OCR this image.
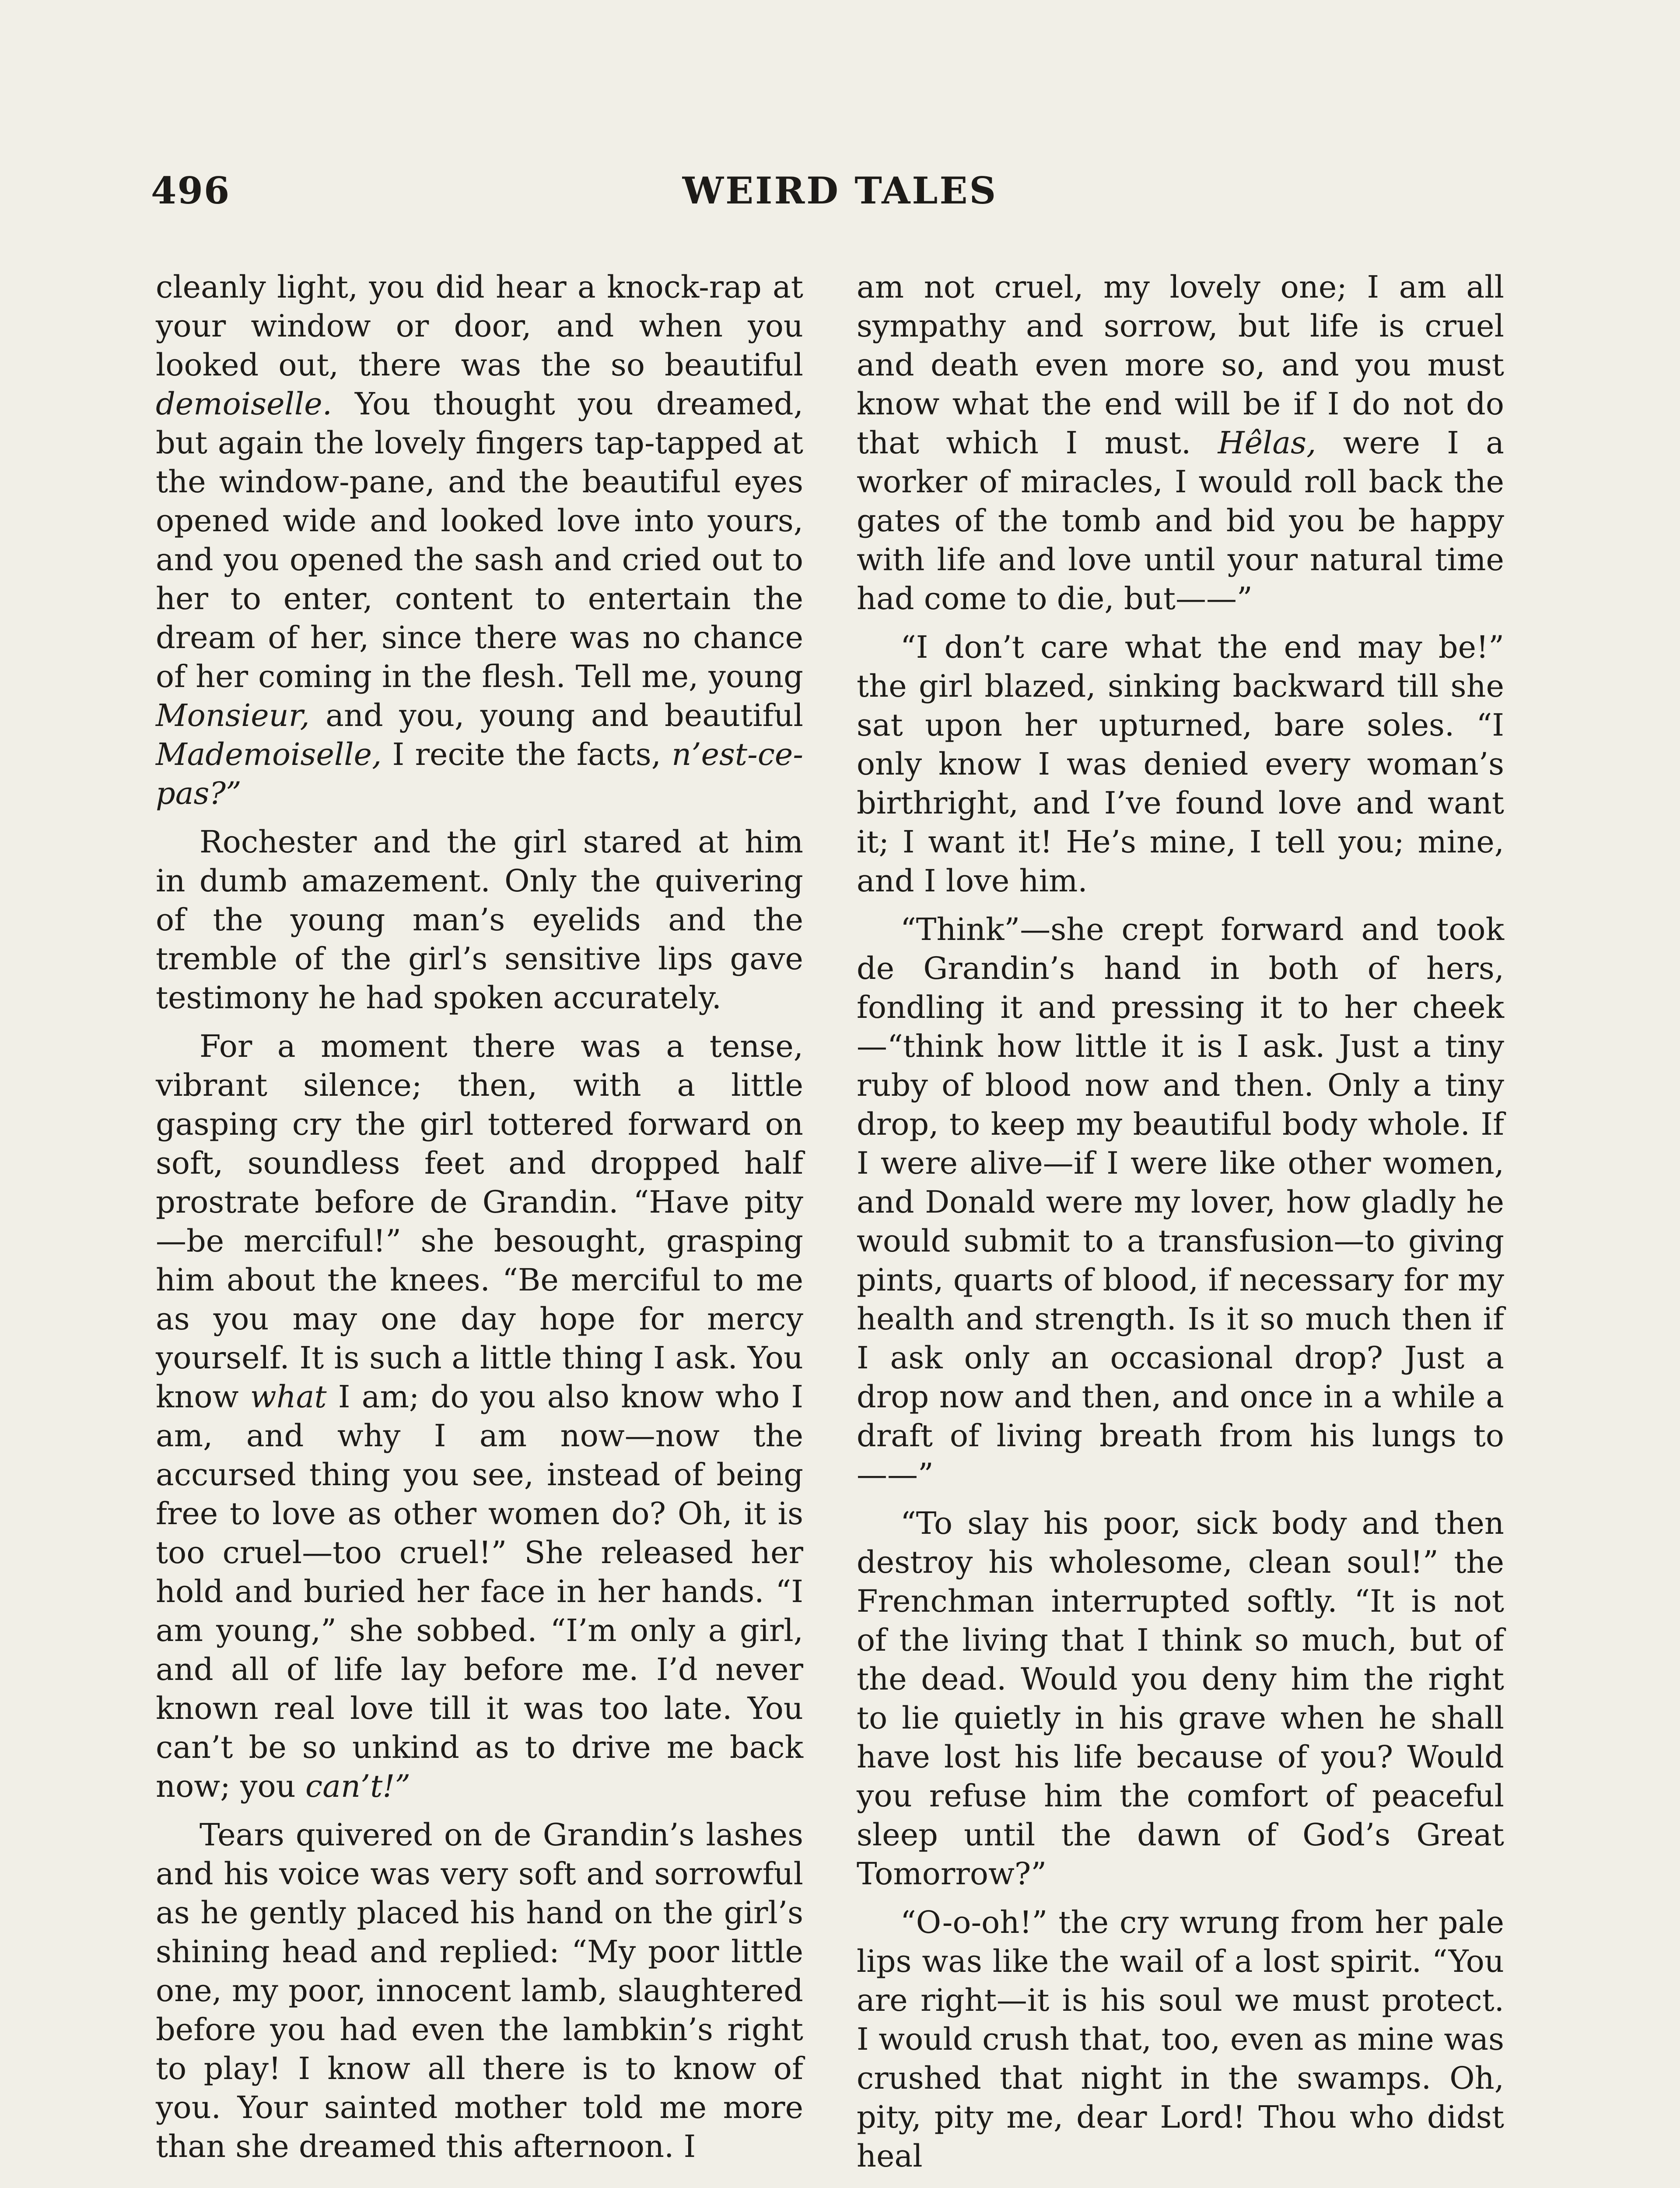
496	WEIRD TALES

cleanly light, you did hear a knock-rap at your window or door, and when you looked out, there was the so beautiful demoiselle. You thought you dreamed, but again the lovely fingers tap-tapped at the window-pane, and the beautiful eyes opened wide and looked love into yours, and you opened the sash and cried out to her to enter, content to entertain the dream of her, since there was no chance of her coming in the flesh. Tell me, young Monsieur, and you, young and beautiful Mademoiselle, I recite the facts, n’est-ce-pas?”

Rochester and the girl stared at him in dumb amazement. Only the quivering of the young man’s eyelids and the tremble of the girl’s sensitive lips gave testimony he had spoken accurately.

For a moment there was a tense, vibrant silence; then, with a little gasping cry the girl tottered forward on soft, soundless feet and dropped half prostrate before de Grandin. “Have pity—be merciful!” she besought, grasping him about the knees. “Be merciful to me as you may one day hope for mercy yourself. It is such a little thing I ask. You know what I am; do you also know who I am, and why I am now—now the accursed thing you see, instead of being free to love as other women do? Oh, it is too cruel—too cruel!” She released her hold and buried her face in her hands. “I am young,” she sobbed. “I’m only a girl, and all of life lay before me. I’d never known real love till it was too late. You can’t be so unkind as to drive me back now; you can’t!”

Tears quivered on de Grandin’s lashes and his voice was very soft and sorrowful as he gently placed his hand on the girl’s shining head and replied: “My poor little one, my poor, innocent lamb, slaughtered before you had even the lambkin’s right to play! I know all there is to know of you. Your sainted mother told me more than she dreamed this afternoon. I

am not cruel, my lovely one; I am all sympathy and sorrow, but life is cruel and death even more so, and you must know what the end will be if I do not do that which I must. Hêlas, were I a worker of miracles, I would roll back the gates of the tomb and bid you be happy with life and love until your natural time had come to die, but——”

“I don’t care what the end may be!” the girl blazed, sinking backward till she sat upon her upturned, bare soles. “I only know I was denied every woman’s birthright, and I’ve found love and want it; I want it! He’s mine, I tell you; mine, and I love him.

“Think”—she crept forward and took de Grandin’s hand in both of hers, fondling it and pressing it to her cheek—“think how little it is I ask. Just a tiny ruby of blood now and then. Only a tiny drop, to keep my beautiful body whole. If I were alive—if I were like other women, and Donald were my lover, how gladly he would submit to a transfusion—to giving pints, quarts of blood, if necessary for my health and strength. Is it so much then if I ask only an occasional drop? Just a drop now and then, and once in a while a draft of living breath from his lungs to——”

“To slay his poor, sick body and then destroy his wholesome, clean soul!” the Frenchman interrupted softly. “It is not of the living that I think so much, but of the dead. Would you deny him the right to lie quietly in his grave when he shall have lost his life because of you? Would you refuse him the comfort of peaceful sleep until the dawn of God’s Great Tomorrow?”

“O-o-oh!” the cry wrung from her pale lips was like the wail of a lost spirit. “You are right—it is his soul we must protect. I would crush that, too, even as mine was crushed that night in the swamps. Oh, pity, pity me, dear Lord! Thou who didst heal
